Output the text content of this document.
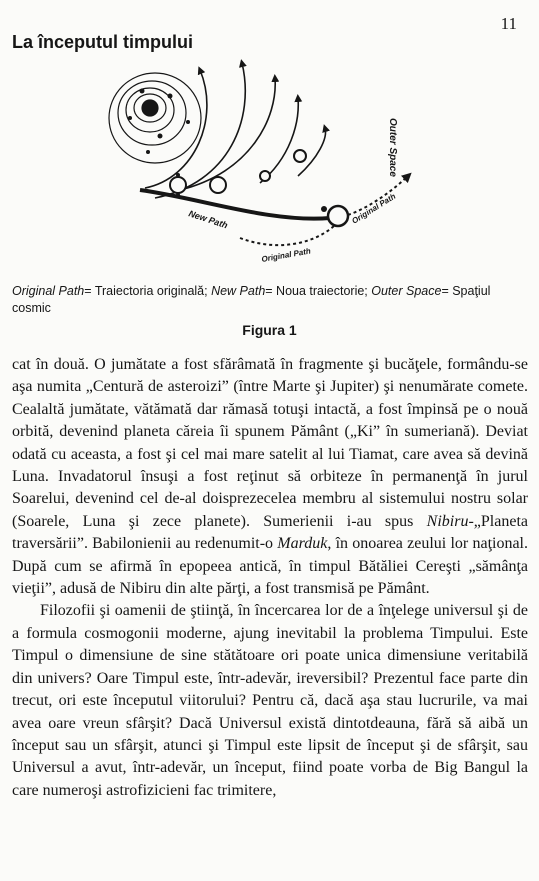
11
La începutul timpului
Outer Space
New Path
Original Path
Original Path

Original Path= Traiectoria originală; New Path= Noua traiectorie; Outer Space= Spaţiul cosmic

Figura 1

cat în două. O jumătate a fost sfărâmată în fragmente şi bucăţele, formându-se aşa numita „Centură de asteroizi” (între Marte şi Jupiter) şi nenumărate comete. Cealaltă jumătate, vătămată dar rămasă totuşi intactă, a fost împinsă pe o nouă orbită, devenind planeta căreia îi spunem Pământ („Ki” în sumeriană). Deviat odată cu aceasta, a fost şi cel mai mare satelit al lui Tiamat, care avea să devină Luna. Invadatorul însuşi a fost reţinut să orbiteze în permanenţă în jurul Soarelui, devenind cel de-al doisprezecelea membru al sistemului nostru solar (Soarele, Luna şi zece planete). Sumerienii i-au spus Nibiru-„Planeta traversării”. Babilonienii au redenumit-o Marduk, în onoarea zeului lor naţional. După cum se afirmă în epopeea antică, în timpul Bătăliei Cereşti „sămânţa vieţii”, adusă de Nibiru din alte părţi, a fost transmisă pe Pământ.

Filozofii şi oamenii de ştiinţă, în încercarea lor de a înţelege universul şi de a formula cosmogonii moderne, ajung inevitabil la problema Timpului. Este Timpul o dimensiune de sine stătătoare ori poate unica dimensiune veritabilă din univers? Oare Timpul este, într-adevăr, ireversibil? Prezentul face parte din trecut, ori este începutul viitorului? Pentru că, dacă aşa stau lucrurile, va mai avea oare vreun sfârşit? Dacă Universul există dintotdeauna, fără să aibă un început sau un sfârşit, atunci şi Timpul este lipsit de început şi de sfârşit, sau Universul a avut, într-adevăr, un început, fiind poate vorba de Big Bangul la care numeroşi astrofizicieni fac trimitere,
